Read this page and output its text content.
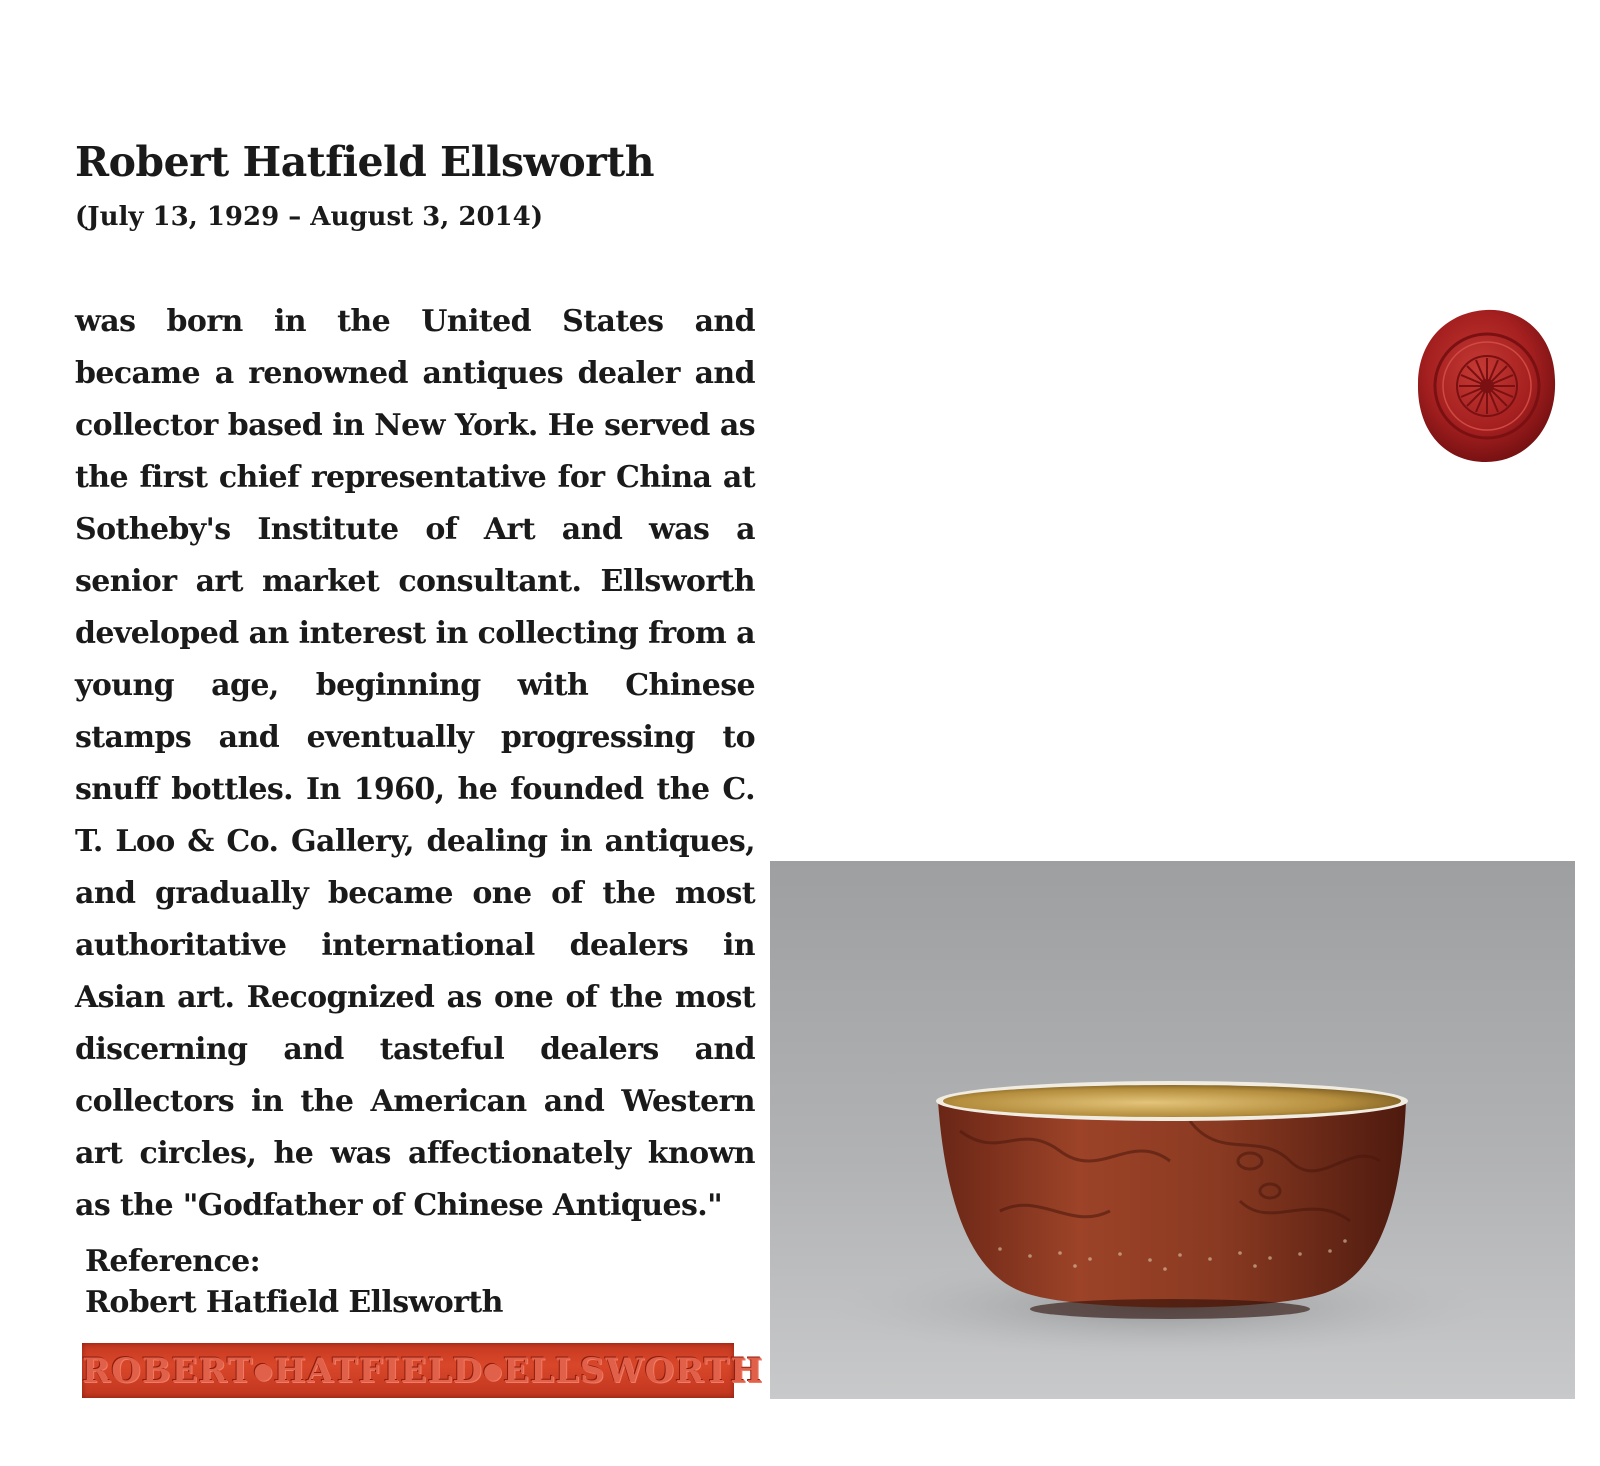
Robert Hatfield Ellsworth
(July 13, 1929 – August 3, 2014)

was born in the United States and became a renowned antiques dealer and collector based in New York. He served as the first chief representative for China at Sotheby's Institute of Art and was a senior art market consultant. Ellsworth developed an interest in collecting from a young age, beginning with Chinese stamps and eventually progressing to snuff bottles. In 1960, he founded the C. T. Loo & Co. Gallery, dealing in antiques, and gradually became one of the most authoritative international dealers in Asian art. Recognized as one of the most discerning and tasteful dealers and collectors in the American and Western art circles, he was affectionately known as the "Godfather of Chinese Antiques."

Reference:
Robert Hatfield Ellsworth
ROBERT ● HATFIELD ● ELLSWORTH
